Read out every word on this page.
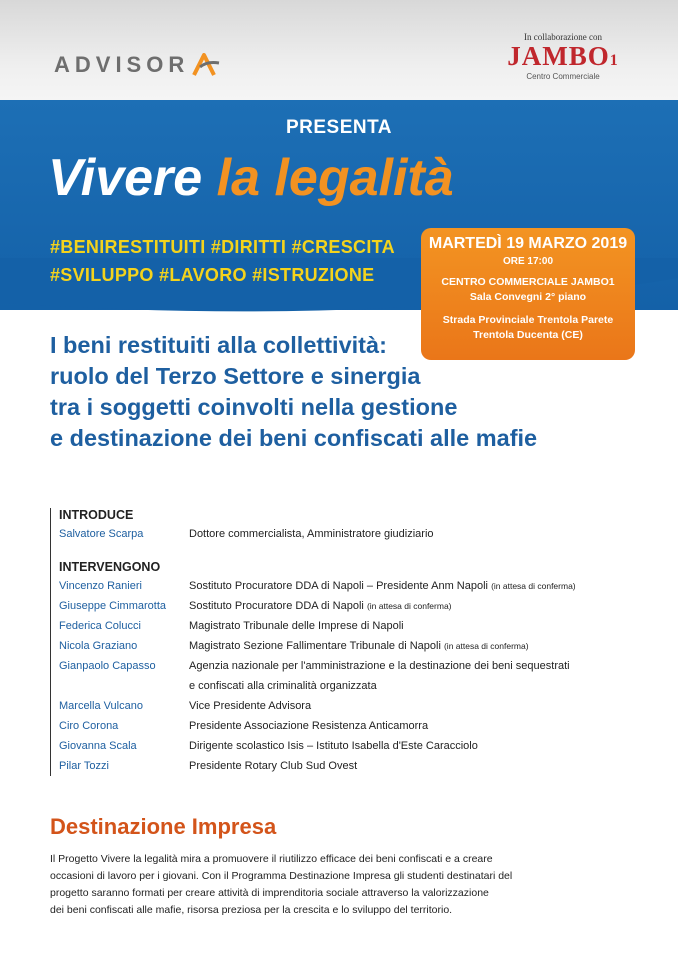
ADVISOR
In collaborazione con
JAMBO1
Centro Commerciale
PRESENTA
Vivere la legalità
#BENIRESTITUITI #DIRITTI #CRESCITA
#SVILUPPO #LAVORO #ISTRUZIONE
MARTEDÌ 19 MARZO 2019
ORE 17:00
CENTRO COMMERCIALE JAMBO1
Sala Convegni 2° piano
Strada Provinciale Trentola Parete
Trentola Ducenta (CE)
I beni restituiti alla collettività:
ruolo del Terzo Settore e sinergia
tra i soggetti coinvolti nella gestione
e destinazione dei beni confiscati alle mafie
INTRODUCE
Salvatore Scarpa	Dottore commercialista, Amministratore giudiziario
INTERVENGONO
Vincenzo Ranieri	Sostituto Procuratore DDA di Napoli – Presidente Anm Napoli (in attesa di conferma)
Giuseppe Cimmarotta	Sostituto Procuratore DDA di Napoli (in attesa di conferma)
Federica Colucci	Magistrato Tribunale delle Imprese di Napoli
Nicola Graziano	Magistrato Sezione Fallimentare Tribunale di Napoli (in attesa di conferma)
Gianpaolo Capasso	Agenzia nazionale per l'amministrazione e la destinazione dei beni sequestrati
e confiscati alla criminalità organizzata
Marcella Vulcano	Vice Presidente Advisora
Ciro Corona	Presidente Associazione Resistenza Anticamorra
Giovanna Scala	Dirigente scolastico Isis – Istituto Isabella d'Este Caracciolo
Pilar Tozzi	Presidente Rotary Club Sud Ovest
Destinazione Impresa
Il Progetto Vivere la legalità mira a promuovere il riutilizzo efficace dei beni confiscati e a creare
occasioni di lavoro per i giovani. Con il Programma Destinazione Impresa gli studenti destinatari del
progetto saranno formati per creare attività di imprenditoria sociale attraverso la valorizzazione
dei beni confiscati alle mafie, risorsa preziosa per la crescita e lo sviluppo del territorio.
